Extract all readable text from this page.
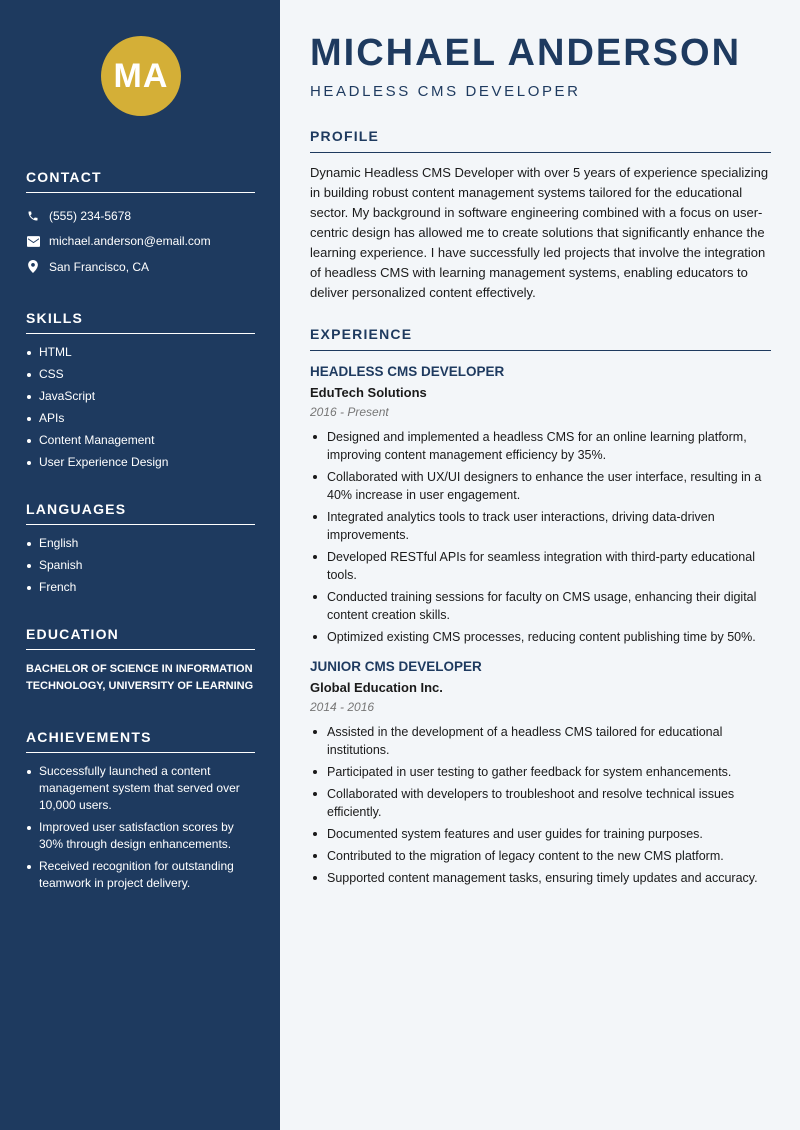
MA
CONTACT
(555) 234-5678
michael.anderson@email.com
San Francisco, CA
SKILLS
HTML
CSS
JavaScript
APIs
Content Management
User Experience Design
LANGUAGES
English
Spanish
French
EDUCATION

BACHELOR OF SCIENCE IN INFORMATION TECHNOLOGY, UNIVERSITY OF LEARNING

ACHIEVEMENTS
Successfully launched a content management system that served over 10,000 users.
Improved user satisfaction scores by 30% through design enhancements.
Received recognition for outstanding teamwork in project delivery.
MICHAEL ANDERSON
HEADLESS CMS DEVELOPER
PROFILE

Dynamic Headless CMS Developer with over 5 years of experience specializing in building robust content management systems tailored for the educational sector. My background in software engineering combined with a focus on user-centric design has allowed me to create solutions that significantly enhance the learning experience. I have successfully led projects that involve the integration of headless CMS with learning management systems, enabling educators to deliver personalized content effectively.

EXPERIENCE
HEADLESS CMS DEVELOPER
EduTech Solutions
2016 - Present
Designed and implemented a headless CMS for an online learning platform, improving content management efficiency by 35%.
Collaborated with UX/UI designers to enhance the user interface, resulting in a 40% increase in user engagement.
Integrated analytics tools to track user interactions, driving data-driven improvements.
Developed RESTful APIs for seamless integration with third-party educational tools.
Conducted training sessions for faculty on CMS usage, enhancing their digital content creation skills.
Optimized existing CMS processes, reducing content publishing time by 50%.
JUNIOR CMS DEVELOPER
Global Education Inc.
2014 - 2016
Assisted in the development of a headless CMS tailored for educational institutions.
Participated in user testing to gather feedback for system enhancements.
Collaborated with developers to troubleshoot and resolve technical issues efficiently.
Documented system features and user guides for training purposes.
Contributed to the migration of legacy content to the new CMS platform.
Supported content management tasks, ensuring timely updates and accuracy.
